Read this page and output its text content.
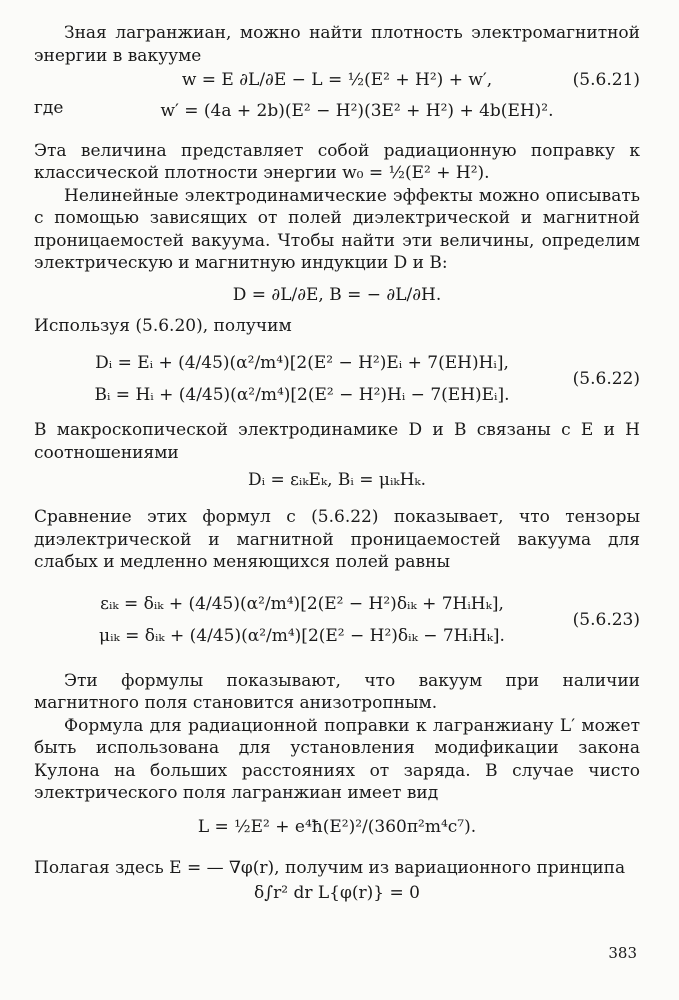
Зная лагранжиан, можно найти плотность электромагнитной энергии в вакууме

w = E ∂L/∂E − L = ½(E² + H²) + w′,	(5.6.21)

где	w′ = (4a + 2b)(E² − H²)(3E² + H²) + 4b(EH)².

Эта величина представляет собой радиационную поправку к классической плотности энергии w₀ = ½(E² + H²).

Нелинейные электродинамические эффекты можно описывать с помощью зависящих от полей диэлектрической и магнитной проницаемостей вакуума. Чтобы найти эти величины, определим электрическую и магнитную индукции D и B:

D = ∂L/∂E, B = − ∂L/∂H.

Используя (5.6.20), получим

Dᵢ = Eᵢ + (4/45)(α²/m⁴)[2(E² − H²)Eᵢ + 7(EH)Hᵢ],
Bᵢ = Hᵢ + (4/45)(α²/m⁴)[2(E² − H²)Hᵢ − 7(EH)Eᵢ].
(5.6.22)

В макроскопической электродинамике D и B связаны с E и H соотношениями

Dᵢ = εᵢₖEₖ, Bᵢ = μᵢₖHₖ.

Сравнение этих формул с (5.6.22) показывает, что тензоры диэлектрической и магнитной проницаемостей вакуума для слабых и медленно меняющихся полей равны

εᵢₖ = δᵢₖ + (4/45)(α²/m⁴)[2(E² − H²)δᵢₖ + 7HᵢHₖ],
μᵢₖ = δᵢₖ + (4/45)(α²/m⁴)[2(E² − H²)δᵢₖ − 7HᵢHₖ].
(5.6.23)

Эти формулы показывают, что вакуум при наличии магнитного поля становится анизотропным.

Формула для радиационной поправки к лагранжиану L′ может быть использована для установления модификации закона Кулона на больших расстояниях от заряда. В случае чисто электрического поля лагранжиан имеет вид

L = ½E² + e⁴ħ(E²)²/(360π²m⁴c⁷).

Полагая здесь E = — ∇φ(r), получим из вариационного принципа

δ∫r² dr L{φ(r)} = 0
383
